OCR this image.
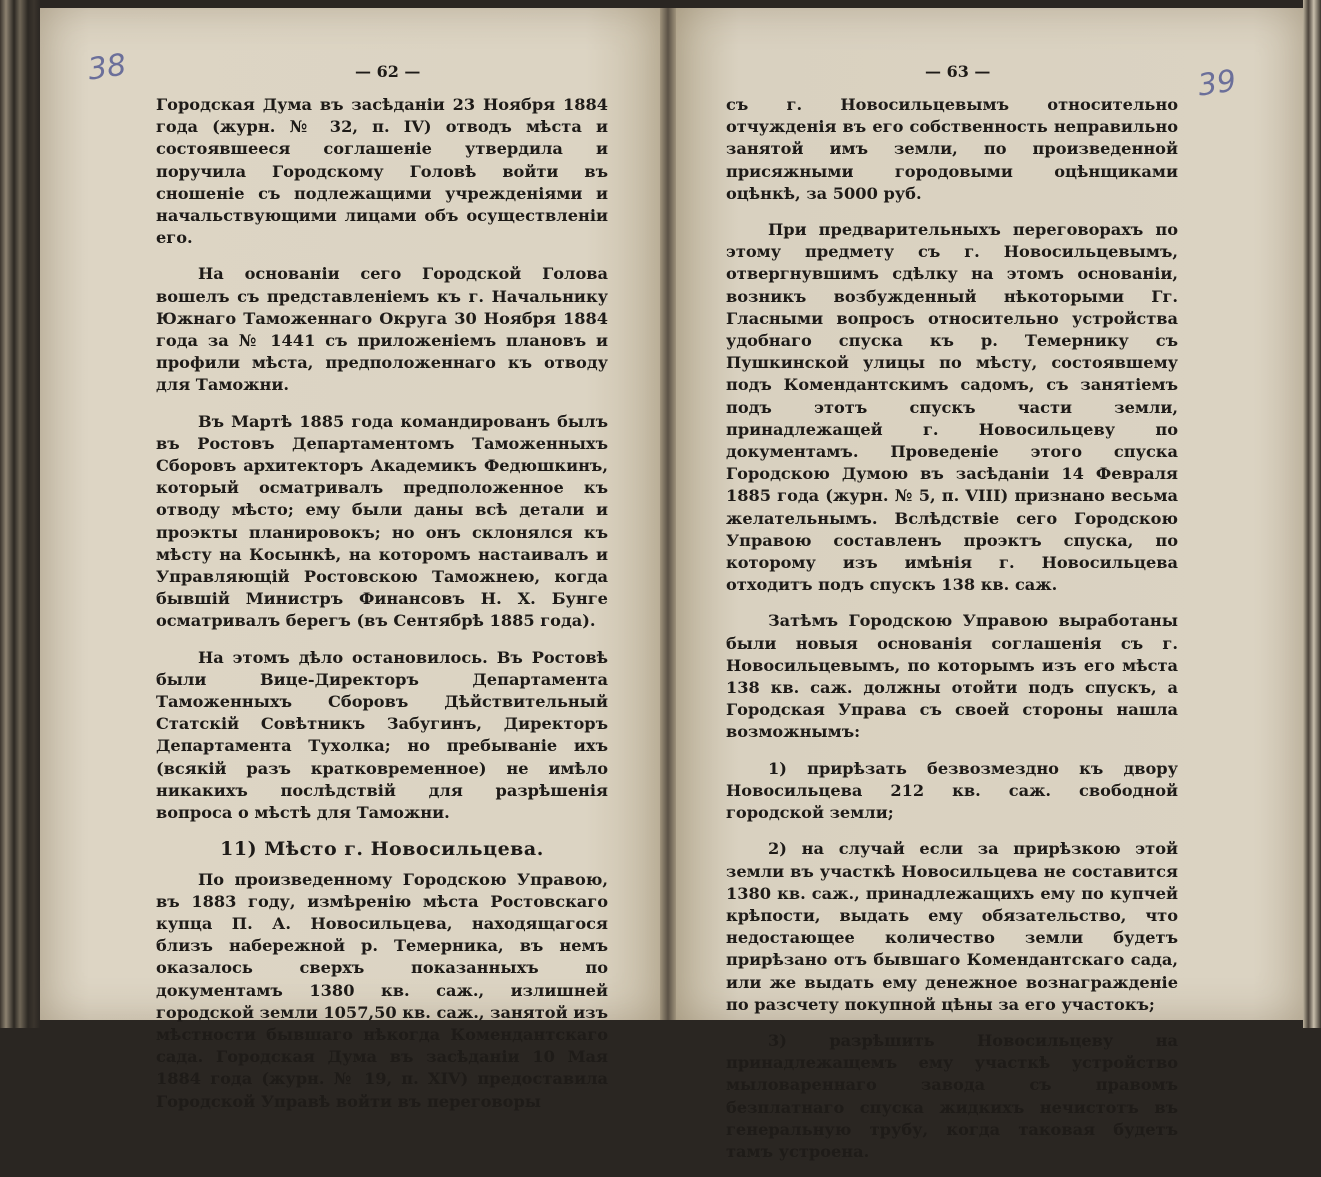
38	39
— 62 —	— 63 —

Городская Дума въ засѣданіи 23 Ноября 1884 года (журн. № 32, п. IV) отводъ мѣста и состоявшееся соглашеніе утвердила и поручила Городскому Головѣ войти въ сношеніе съ подлежащими учрежденіями и начальствующими лицами объ осуществленіи его.

На основаніи сего Городской Голова вошелъ съ представленіемъ къ г. Начальнику Южнаго Таможеннаго Округа 30 Ноября 1884 года за № 1441 съ приложеніемъ плановъ и профили мѣста, предположеннаго къ отводу для Таможни.

Въ Мартѣ 1885 года командированъ былъ въ Ростовъ Департаментомъ Таможенныхъ Сборовъ архитекторъ Академикъ Федюшкинъ, который осматривалъ предположенное къ отводу мѣсто; ему были даны всѣ детали и проэкты планировокъ; но онъ склонялся къ мѣсту на Косынкѣ, на которомъ настаивалъ и Управляющій Ростовскою Таможнею, когда бывшій Министръ Финансовъ Н. Х. Бунге осматривалъ берегъ (въ Сентябрѣ 1885 года).

На этомъ дѣло остановилось. Въ Ростовѣ были Вице-Директоръ Департамента Таможенныхъ Сборовъ Дѣйствительный Статскій Совѣтникъ Забугинъ, Директоръ Департамента Тухолка; но пребываніе ихъ (всякій разъ кратковременное) не имѣло никакихъ послѣдствій для разрѣшенія вопроса о мѣстѣ для Таможни.

11) Мѣсто г. Новосильцева.

По произведенному Городскою Управою, въ 1883 году, измѣренію мѣста Ростовскаго купца П. А. Новосильцева, находящагося близъ набережной р. Темерника, въ немъ оказалось сверхъ показанныхъ по документамъ 1380 кв. саж., излишней городской земли 1057,50 кв. саж., занятой изъ мѣстности бывшаго нѣкогда Комендантскаго сада. Городская Дума въ засѣданіи 10 Мая 1884 года (журн. № 19, п. XIV) предоставила Городской Управѣ войти въ переговоры

съ г. Новосильцевымъ относительно отчужденія въ его собственность неправильно занятой имъ земли, по произведенной присяжными городовыми оцѣнщиками оцѣнкѣ, за 5000 руб.

При предварительныхъ переговорахъ по этому предмету съ г. Новосильцевымъ, отвергнувшимъ сдѣлку на этомъ основаніи, возникъ возбужденный нѣкоторыми Гг. Гласными вопросъ относительно устройства удобнаго спуска къ р. Темернику съ Пушкинской улицы по мѣсту, состоявшему подъ Комендантскимъ садомъ, съ занятіемъ подъ этотъ спускъ части земли, принадлежащей г. Новосильцеву по документамъ. Проведеніе этого спуска Городскою Думою въ засѣданіи 14 Февраля 1885 года (журн. № 5, п. VIII) признано весьма желательнымъ. Вслѣдствіе сего Городскою Управою составленъ проэктъ спуска, по которому изъ имѣнія г. Новосильцева отходитъ подъ спускъ 138 кв. саж.

Затѣмъ Городскою Управою выработаны были новыя основанія соглашенія съ г. Новосильцевымъ, по которымъ изъ его мѣста 138 кв. саж. должны отойти подъ спускъ, а Городская Управа съ своей стороны нашла возможнымъ:

1) прирѣзать безвозмездно къ двору Новосильцева 212 кв. саж. свободной городской земли;

2) на случай если за прирѣзкою этой земли въ участкѣ Новосильцева не составится 1380 кв. саж., принадлежащихъ ему по купчей крѣпости, выдать ему обязательство, что недостающее количество земли будетъ прирѣзано отъ бывшаго Комендантскаго сада, или же выдать ему денежное вознагражденіе по разсчету покупной цѣны за его участокъ;

3) разрѣшить Новосильцеву на принадлежащемъ ему участкѣ устройство мыловареннаго завода съ правомъ безплатнаго спуска жидкихъ нечистотъ въ генеральную трубу, когда таковая будетъ тамъ устроена.
